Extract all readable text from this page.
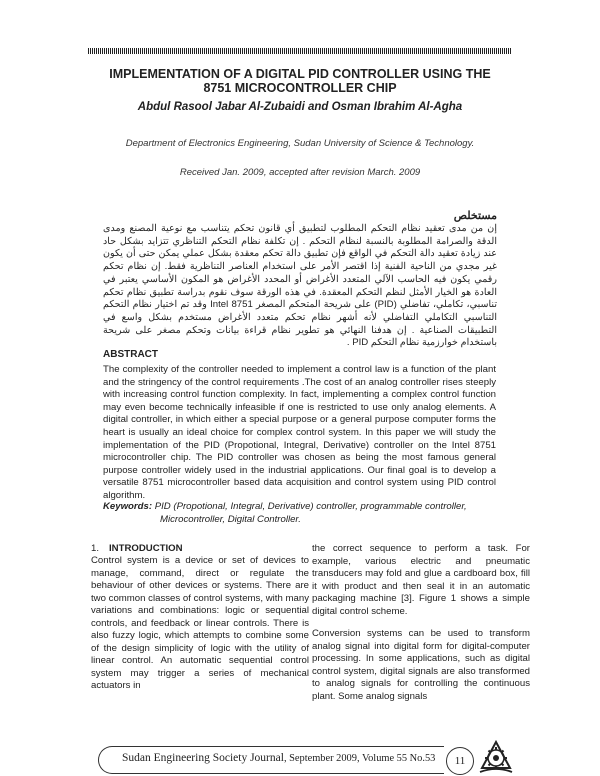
IMPLEMENTATION OF A DIGITAL PID CONTROLLER USING THE 8751 MICROCONTROLLER CHIP
Abdul Rasool Jabar Al-Zubaidi and Osman Ibrahim Al-Agha
Department of Electronics Engineering, Sudan University of Science & Technology.
Received Jan. 2009, accepted after revision March. 2009
مستخلص
إن من مدى تعقيد نظام التحكم المطلوب لتطبيق أي قانون تحكم يتناسب مع نوعية المصنع ومدى الدقة والصرامة المطلوبة بالنسبة لنظام التحكم . إن تكلفة نظام التحكم التناظري تتزايد بشكل حاد عند زيادة تعقيد دالة التحكم في الواقع فإن تطبيق دالة تحكم معقدة بشكل عملي يمكن حتى أن يكون غير مجدي من الناحية الفنية إذا اقتصر الأمر على استخدام العناصر التناظرية فقط. إن نظام تحكم رقمي يكون فيه الحاسب الآلي المتعدد الأغراض أو المحدد الأغراض هو المكون الأساسي يعتبر في العادة هو الخيار الأمثل لنظم التحكم المعقدة. في هذه الورقة سوف نقوم بدراسة تطبيق نظام تحكم تناسبي، تكاملي، تفاضلي (PID) على شريحة المتحكم المصغر Intel 8751 وقد تم اختيار نظام التحكم التناسبي التكاملي التفاضلي لأنه أشهر نظام تحكم متعدد الأغراض مستخدم بشكل واسع في التطبيقات الصناعية . إن هدفنا النهائي هو تطوير نظام قراءة بيانات وتحكم مصغر على شريحة باستخدام خوارزمية نظام التحكم PID .
ABSTRACT
The complexity of the controller needed to implement a control law is a function of the plant and the stringency of the control requirements .The cost of an analog controller rises steeply with increasing control function complexity. In fact, implementing a complex control function may even become technically infeasible if one is restricted to use only analog elements. A digital controller, in which either a special purpose or a general purpose computer forms the heart is usually an ideal choice for complex control system. In this paper we will study the implementation of the PID (Propotional, Integral, Derivative) controller on the Intel 8751 microcontroller chip. The PID controller was chosen as being the most famous general purpose controller widely used in the industrial applications. Our final goal is to develop a versatile 8751 microcontroller based data acquisition and control system using PID control algorithm.
Keywords: PID (Propotional, Integral, Derivative) controller, programmable controller,
Microcontroller, Digital Controller.
1. INTRODUCTION

Control system is a device or set of devices to manage, command, direct or regulate the behaviour of other devices or systems. There are two common classes of control systems, with many variations and combinations: logic or sequential controls, and feedback or linear controls. There is also fuzzy logic, which attempts to combine some of the design simplicity of logic with the utility of linear control. An automatic sequential control system may trigger a series of mechanical actuators in

the correct sequence to perform a task. For example, various electric and pneumatic transducers may fold and glue a cardboard box, fill it with product and then seal it in an automatic packaging machine [3]. Figure 1 shows a simple digital control scheme.

Conversion systems can be used to transform analog signal into digital form for digital-computer processing. In some applications, such as digital control system, digital signals are also transformed to analog signals for controlling the continuous plant. Some analog signals

Sudan Engineering Society Journal, September 2009, Volume 55 No.53	11
